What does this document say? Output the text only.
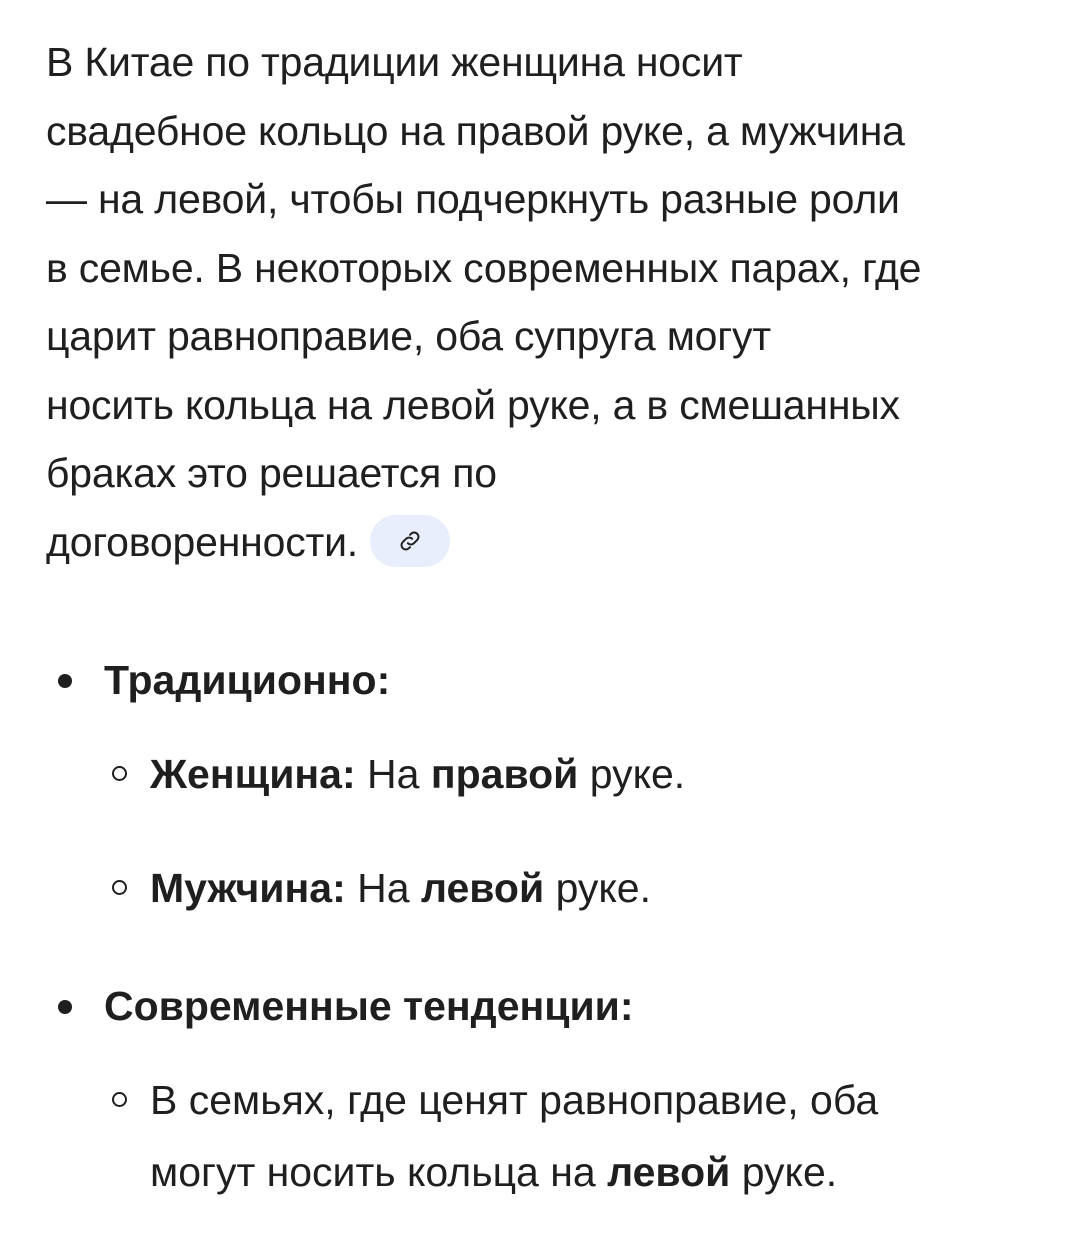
В Китае по традиции женщина носит
свадебное кольцо на правой руке, а мужчина
— на левой, чтобы подчеркнуть разные роли
в семье. В некоторых современных парах, где
царит равноправие, оба супруга могут
носить кольца на левой руке, а в смешанных
браках это решается по
договоренности.

Традиционно:
Женщина: На правой руке.
Мужчина: На левой руке.
Современные тенденции:
В семьях, где ценят равноправие, оба
могут носить кольца на левой руке.
